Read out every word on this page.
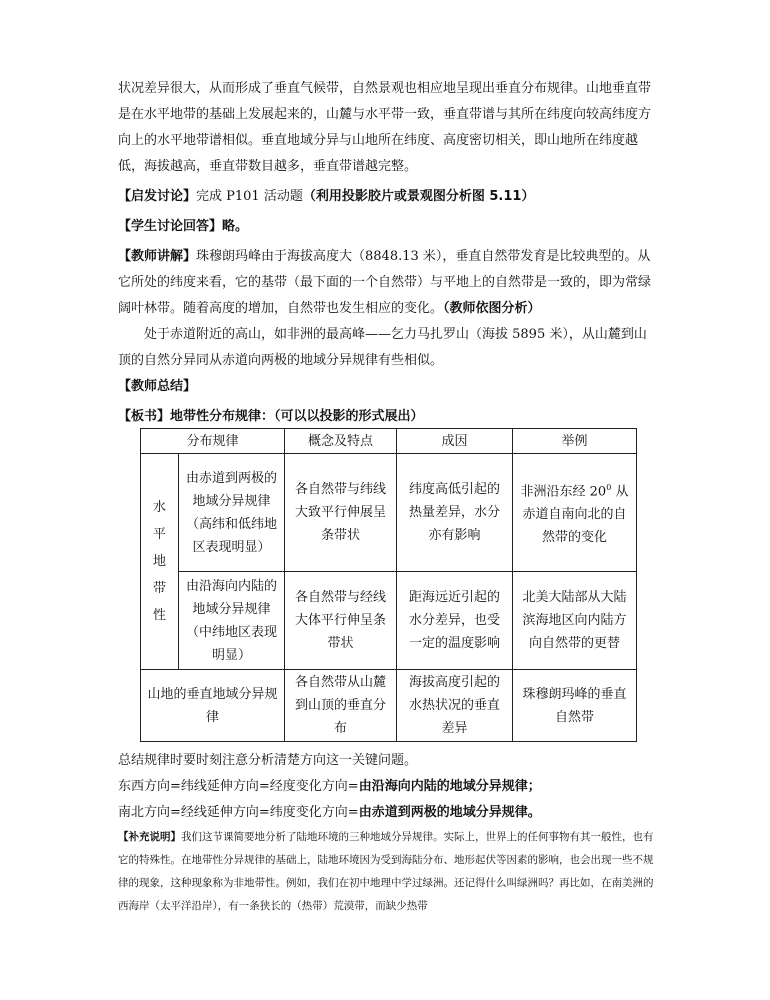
状况差异很大，从而形成了垂直气候带，自然景观也相应地呈现出垂直分布规律。山地垂直带是在水平地带的基础上发展起来的，山麓与水平带一致，垂直带谱与其所在纬度向较高纬度方向上的水平地带谱相似。垂直地域分异与山地所在纬度、高度密切相关，即山地所在纬度越低，海拔越高，垂直带数目越多，垂直带谱越完整。

【启发讨论】完成 P101 活动题（利用投影胶片或景观图分析图 5.11）

【学生讨论回答】略。

【教师讲解】珠穆朗玛峰由于海拔高度大（8848.13 米），垂直自然带发育是比较典型的。从它所处的纬度来看，它的基带（最下面的一个自然带）与平地上的自然带是一致的，即为常绿阔叶林带。随着高度的增加，自然带也发生相应的变化。（教师依图分析）

处于赤道附近的高山，如非洲的最高峰——乞力马扎罗山（海拔 5895 米），从山麓到山顶的自然分异同从赤道向两极的地域分异规律有些相似。

【教师总结】

【板书】地带性分布规律：（可以以投影的形式展出）

分布规律		概念及特点	成因	举例

水平地带性	由赤道到两极的地域分异规律（高纬和低纬地区表现明显）	各自然带与纬线大致平行伸展呈条带状	纬度高低引起的热量差异，水分亦有影响	非洲沿东经 $20^0$ 从赤道自南向北的自然带的变化
	由沿海向内陆的地域分异规律（中纬地区表现明显）	各自然带与经线大体平行伸呈条带状	距海远近引起的水分差异，也受一定的温度影响	北美大陆部从大陆滨海地区向内陆方向自然带的更替
山地的垂直地域分异规律		各自然带从山麓到山顶的垂直分布	海拔高度引起的水热状况的垂直差异	珠穆朗玛峰的垂直自然带

总结规律时要时刻注意分析清楚方向这一关键问题。

东西方向=纬线延伸方向=经度变化方向=由沿海向内陆的地域分异规律；

南北方向=经线延伸方向=纬度变化方向=由赤道到两极的地域分异规律。

【补充说明】我们这节课简要地分析了陆地环境的三种地域分异规律。实际上，世界上的任何事物有其一般性，也有它的特殊性。在地带性分异规律的基础上，陆地环境因为受到海陆分布、地形起伏等因素的影响，也会出现一些不规律的现象，这种现象称为非地带性。例如，我们在初中地理中学过绿洲。还记得什么叫绿洲吗？再比如，在南美洲的西海岸（太平洋沿岸），有一条狭长的（热带）荒漠带，而缺少热带
